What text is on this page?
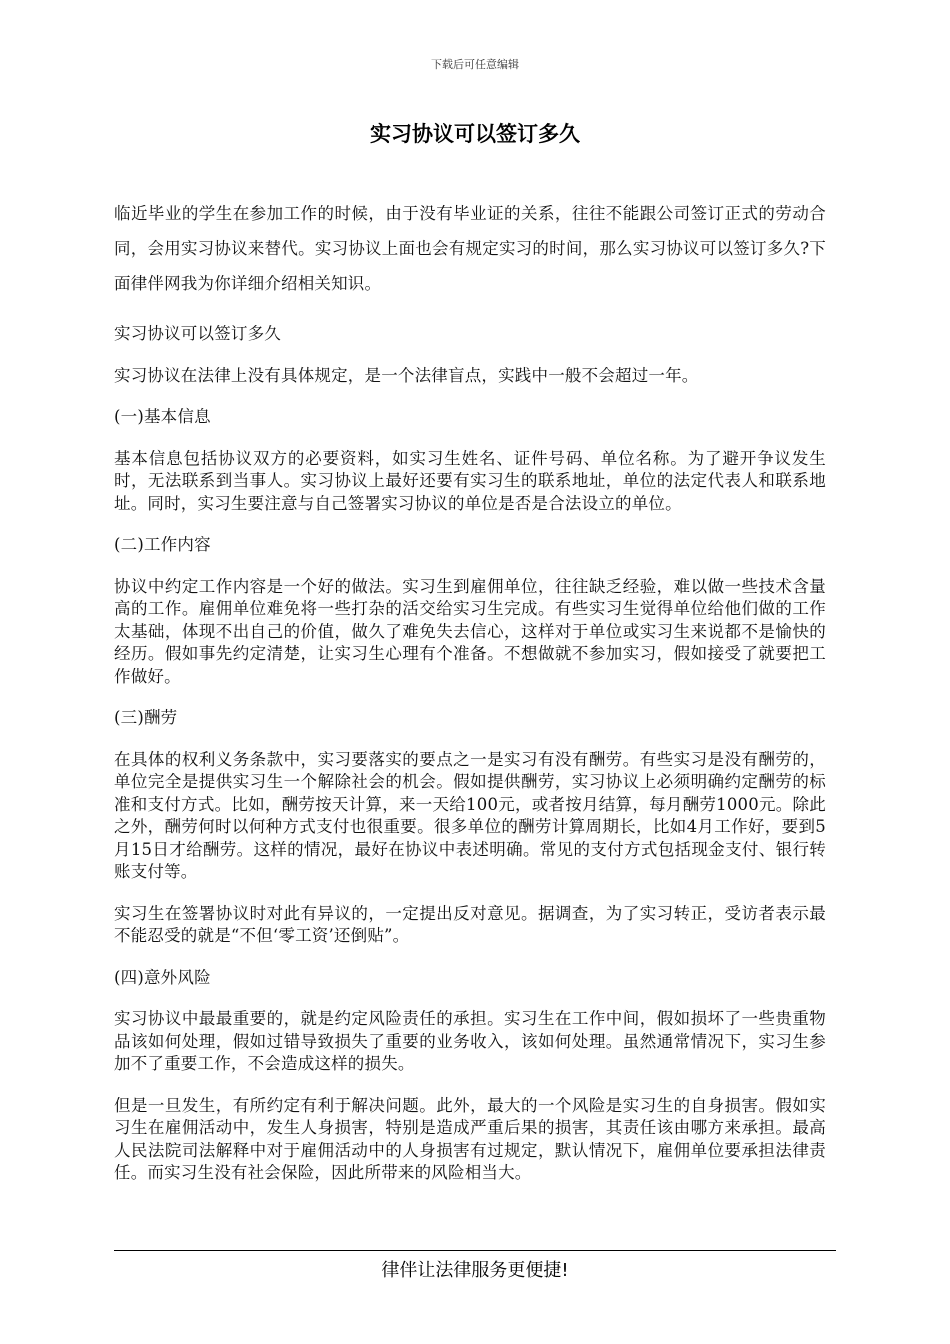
下载后可任意编辑
实习协议可以签订多久

临近毕业的学生在参加工作的时候，由于没有毕业证的关系，往往不能跟公司签订正式的劳动合同，会用实习协议来替代。实习协议上面也会有规定实习的时间，那么实习协议可以签订多久?下面律伴网我为你详细介绍相关知识。

实习协议可以签订多久

实习协议在法律上没有具体规定，是一个法律盲点，实践中一般不会超过一年。

(一)基本信息

基本信息包括协议双方的必要资料，如实习生姓名、证件号码、单位名称。为了避开争议发生时，无法联系到当事人。实习协议上最好还要有实习生的联系地址，单位的法定代表人和联系地址。同时，实习生要注意与自己签署实习协议的单位是否是合法设立的单位。

(二)工作内容

协议中约定工作内容是一个好的做法。实习生到雇佣单位，往往缺乏经验，难以做一些技术含量高的工作。雇佣单位难免将一些打杂的活交给实习生完成。有些实习生觉得单位给他们做的工作太基础，体现不出自己的价值，做久了难免失去信心，这样对于单位或实习生来说都不是愉快的经历。假如事先约定清楚，让实习生心理有个准备。不想做就不参加实习，假如接受了就要把工作做好。

(三)酬劳

在具体的权利义务条款中，实习要落实的要点之一是实习有没有酬劳。有些实习是没有酬劳的，单位完全是提供实习生一个解除社会的机会。假如提供酬劳，实习协议上必须明确约定酬劳的标准和支付方式。比如，酬劳按天计算，来一天给100元，或者按月结算，每月酬劳1000元。除此之外，酬劳何时以何种方式支付也很重要。很多单位的酬劳计算周期长，比如4月工作好，要到5月15日才给酬劳。这样的情况，最好在协议中表述明确。常见的支付方式包括现金支付、银行转账支付等。

实习生在签署协议时对此有异议的，一定提出反对意见。据调查，为了实习转正，受访者表示最不能忍受的就是“不但‘零工资’还倒贴”。

(四)意外风险

实习协议中最最重要的，就是约定风险责任的承担。实习生在工作中间，假如损坏了一些贵重物品该如何处理，假如过错导致损失了重要的业务收入，该如何处理。虽然通常情况下，实习生参加不了重要工作，不会造成这样的损失。

但是一旦发生，有所约定有利于解决问题。此外，最大的一个风险是实习生的自身损害。假如实习生在雇佣活动中，发生人身损害，特别是造成严重后果的损害，其责任该由哪方来承担。最高人民法院司法解释中对于雇佣活动中的人身损害有过规定，默认情况下，雇佣单位要承担法律责任。而实习生没有社会保险，因此所带来的风险相当大。

律伴让法律服务更便捷!
